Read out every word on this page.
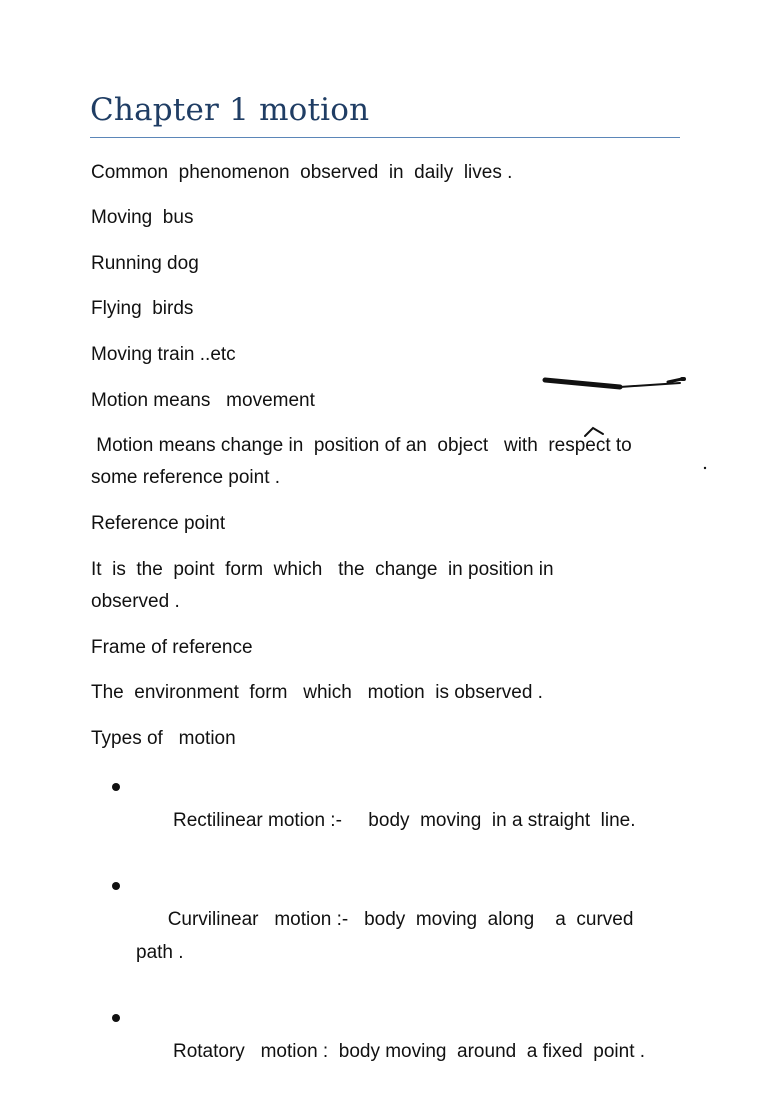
Chapter 1 motion
Common  phenomenon  observed  in  daily  lives .
Moving  bus
Running dog
Flying  birds
Moving train ..etc
Motion means   movement
Motion means change in  position of an  object   with  respect to
some reference point .
Reference point
It  is  the  point  form  which   the  change  in position in
observed .
Frame of reference
The  environment  form   which   motion  is observed .
Types of   motion

Rectilinear motion :-     body  moving  in a straight  line.

Curvilinear   motion :-   body  moving  along    a  curved path .

Rotatory   motion :  body moving  around  a fixed  point .
